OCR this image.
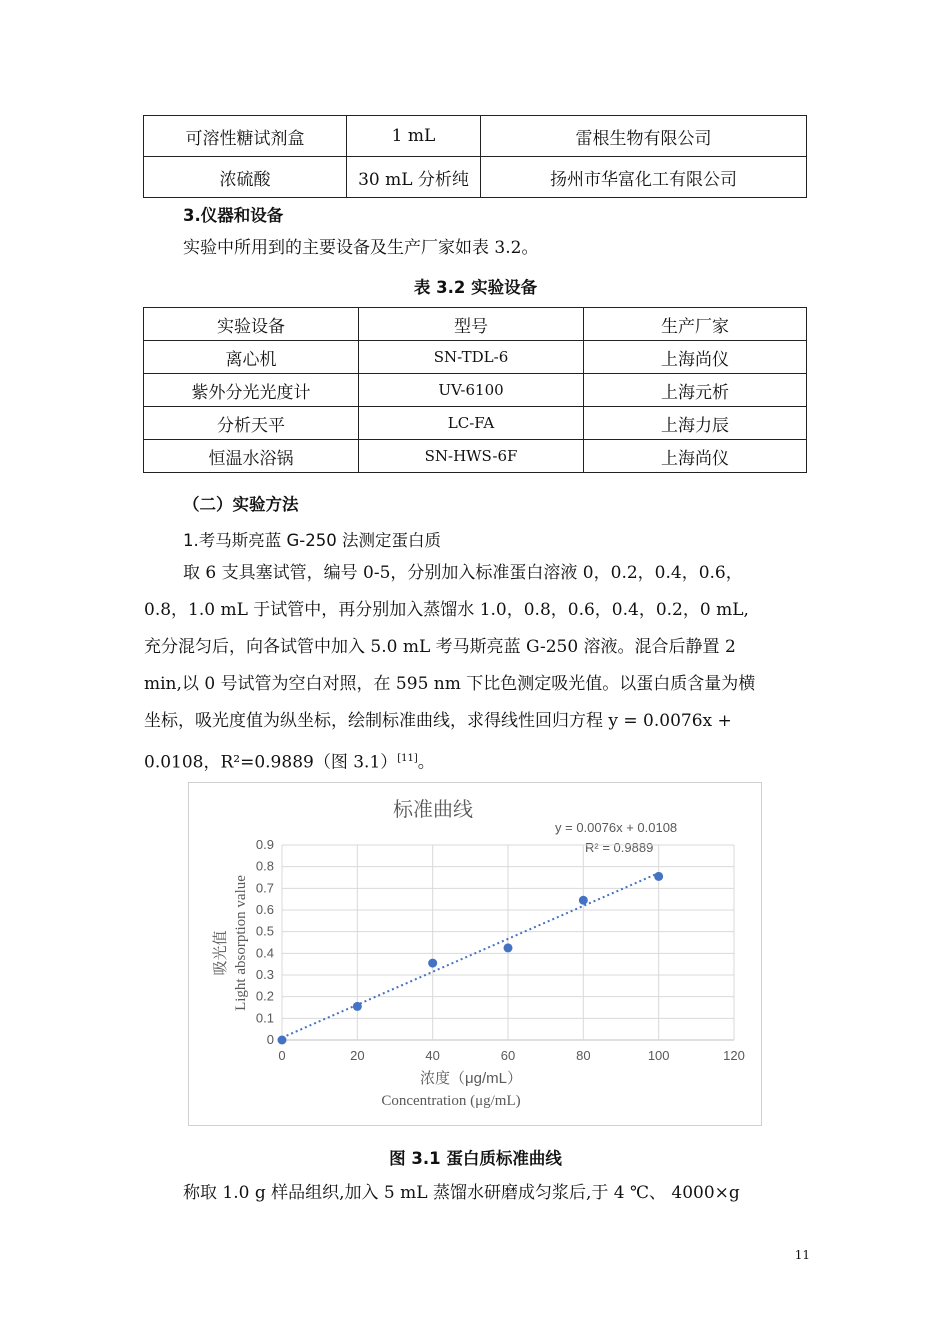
可溶性糖试剂盒	1 mL	雷根生物有限公司
浓硫酸	30 mL 分析纯	扬州市华富化工有限公司
3.仪器和设备
实验中所用到的主要设备及生产厂家如表 3.2。
表 3.2 实验设备
实验设备	型号	生产厂家
离心机	SN-TDL-6	上海尚仪
紫外分光光度计	UV-6100	上海元析
分析天平	LC-FA	上海力辰
恒温水浴锅	SN-HWS-6F	上海尚仪
（二）实验方法
1.考马斯亮蓝 G-250 法测定蛋白质
取 6 支具塞试管，编号 0-5，分别加入标准蛋白溶液 0，0.2，0.4，0.6，
0.8，1.0 mL 于试管中，再分别加入蒸馏水 1.0，0.8，0.6，0.4，0.2，0 mL,
充分混匀后，向各试管中加入 5.0 mL 考马斯亮蓝 G-250 溶液。混合后静置 2
min,以 0 号试管为空白对照，在 595 nm 下比色测定吸光值。以蛋白质含量为横
坐标，吸光度值为纵坐标，绘制标准曲线，求得线性回归方程 y = 0.0076x +
0.0108，R²=0.9889（图 3.1）[11]。
标准曲线
y = 0.0076x + 0.0108
R² = 0.9889
0
0.1
0.2
0.3
0.4
0.5
0.6
0.7
0.8
0.9
0	20	40	60	80	100	120
吸光值 Light absorption value
浓度（μg/mL）
Concentration (μg/mL)
图 3.1 蛋白质标准曲线
称取 1.0 g 样品组织,加入 5 mL 蒸馏水研磨成匀浆后,于 4 ℃、 4000×g
11
